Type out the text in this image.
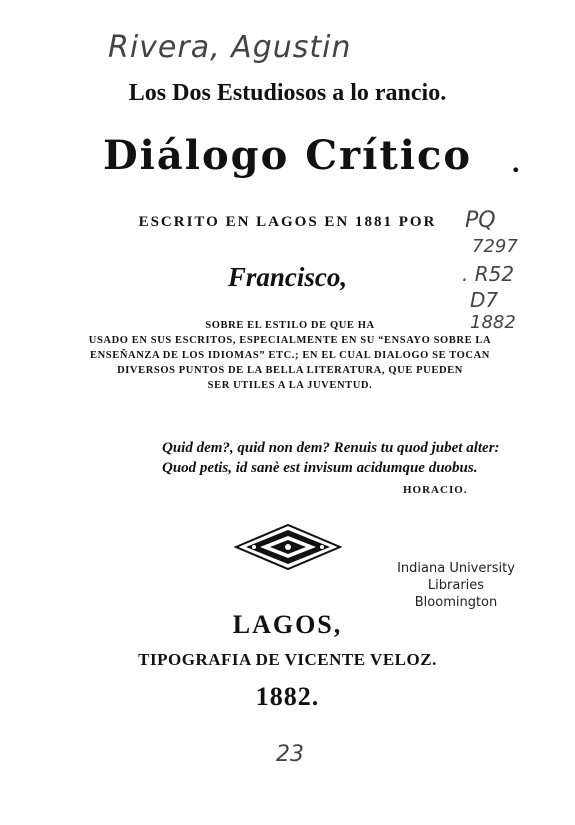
Rivera, Agustin
Los Dos Estudiosos a lo rancio.
Diálogo Crítico	.
ESCRITO EN LAGOS EN 1881 POR
Francisco,
PQ
7297
. R52
D7
1882
SOBRE EL ESTILO DE QUE HA
USADO EN SUS ESCRITOS, ESPECIALMENTE EN SU “ENSAYO SOBRE LA
ENSEÑANZA DE LOS IDIOMAS” ETC.; EN EL CUAL DIALOGO SE TOCAN
DIVERSOS PUNTOS DE LA BELLA LITERATURA, QUE PUEDEN
SER UTILES A LA JUVENTUD.
Quid dem?, quid non dem? Renuis tu quod jubet alter:
Quod petis, id sanè est invisum acidumque duobus.
HORACIO.
Indiana University
Libraries
Bloomington
LAGOS,
TIPOGRAFIA DE VICENTE VELOZ.
1882.
23
